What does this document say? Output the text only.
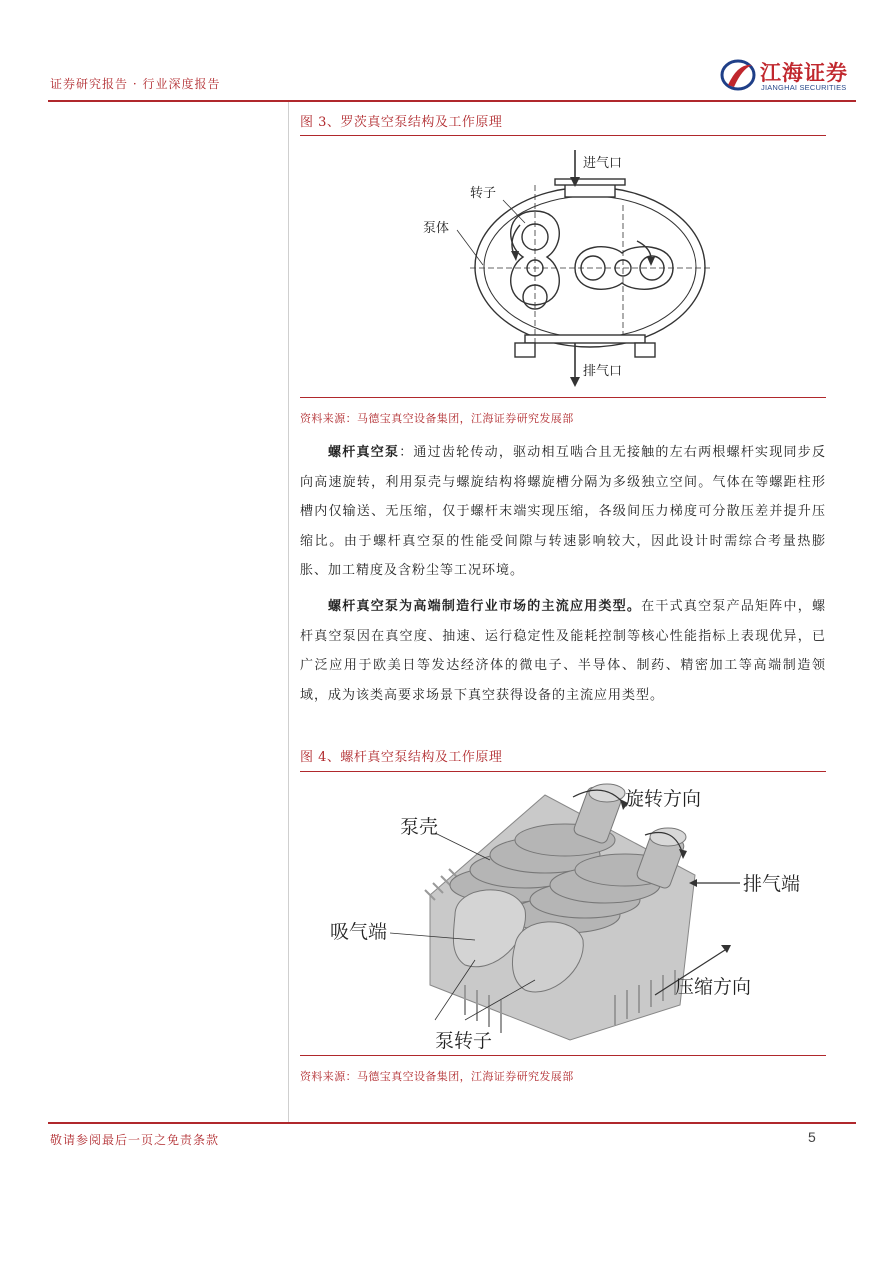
证券研究报告 · 行业深度报告	江海证券
JIANGHAI SECURITIES
图 3、罗茨真空泵结构及工作原理
进气口
转子
泵体
排气口
资料来源：马德宝真空设备集团，江海证券研究发展部
螺杆真空泵：通过齿轮传动，驱动相互啮合且无接触的左右两根螺杆实现同步反向高速旋转，利用泵壳与螺旋结构将螺旋槽分隔为多级独立空间。气体在等螺距柱形槽内仅输送、无压缩，仅于螺杆末端实现压缩，各级间压力梯度可分散压差并提升压缩比。由于螺杆真空泵的性能受间隙与转速影响较大，因此设计时需综合考量热膨胀、加工精度及含粉尘等工况环境。
螺杆真空泵为高端制造行业市场的主流应用类型。在干式真空泵产品矩阵中，螺杆真空泵因在真空度、抽速、运行稳定性及能耗控制等核心性能指标上表现优异，已广泛应用于欧美日等发达经济体的微电子、半导体、制药、精密加工等高端制造领域，成为该类高要求场景下真空获得设备的主流应用类型。
图 4、螺杆真空泵结构及工作原理
旋转方向
泵壳
排气端
吸气端
压缩方向
泵转子
资料来源：马德宝真空设备集团，江海证券研究发展部
敬请参阅最后一页之免责条款	5
